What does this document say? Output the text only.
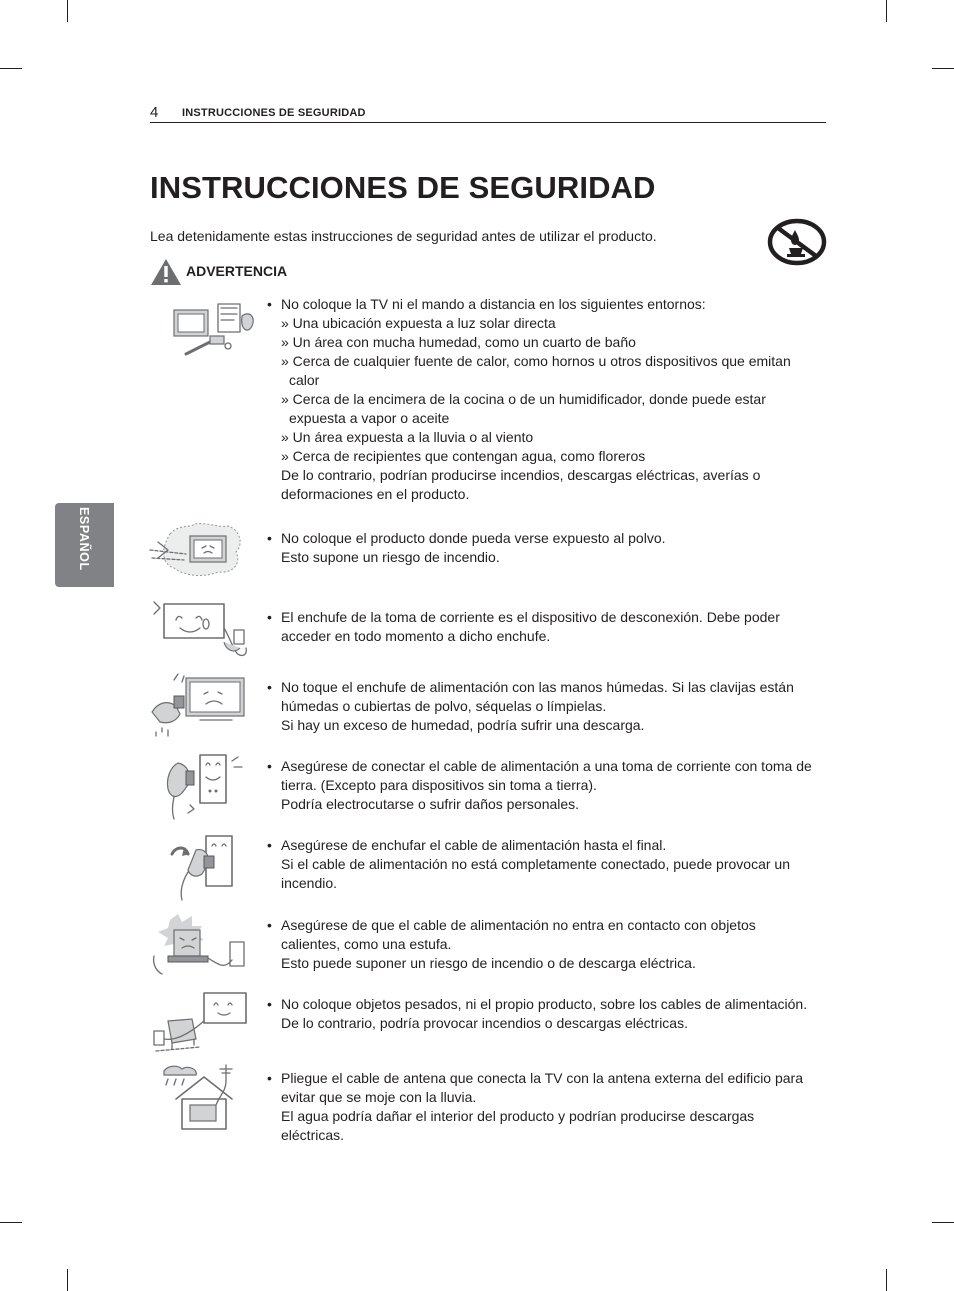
4 INSTRUCCIONES DE SEGURIDAD
INSTRUCCIONES DE SEGURIDAD
Lea detenidamente estas instrucciones de seguridad antes de utilizar el producto.
ADVERTENCIA
ESPAÑOL
• No coloque la TV ni el mando a distancia en los siguientes entornos:
» Una ubicación expuesta a luz solar directa
» Un área con mucha humedad, como un cuarto de baño
» Cerca de cualquier fuente de calor, como hornos u otros dispositivos que emitan calor
» Cerca de la encimera de la cocina o de un humidificador, donde puede estar expuesta a vapor o aceite
» Un área expuesta a la lluvia o al viento
» Cerca de recipientes que contengan agua, como floreros
De lo contrario, podrían producirse incendios, descargas eléctricas, averías o deformaciones en el producto.
• No coloque el producto donde pueda verse expuesto al polvo.
Esto supone un riesgo de incendio.
• El enchufe de la toma de corriente es el dispositivo de desconexión. Debe poder acceder en todo momento a dicho enchufe.
• No toque el enchufe de alimentación con las manos húmedas. Si las clavijas están húmedas o cubiertas de polvo, séquelas o límpielas.
Si hay un exceso de humedad, podría sufrir una descarga.
• Asegúrese de conectar el cable de alimentación a una toma de corriente con toma de tierra. (Excepto para dispositivos sin toma a tierra).
Podría electrocutarse o sufrir daños personales.
• Asegúrese de enchufar el cable de alimentación hasta el final.
Si el cable de alimentación no está completamente conectado, puede provocar un incendio.
• Asegúrese de que el cable de alimentación no entra en contacto con objetos calientes, como una estufa.
Esto puede suponer un riesgo de incendio o de descarga eléctrica.
• No coloque objetos pesados, ni el propio producto, sobre los cables de alimentación.
De lo contrario, podría provocar incendios o descargas eléctricas.
• Pliegue el cable de antena que conecta la TV con la antena externa del edificio para evitar que se moje con la lluvia.
El agua podría dañar el interior del producto y podrían producirse descargas eléctricas.
